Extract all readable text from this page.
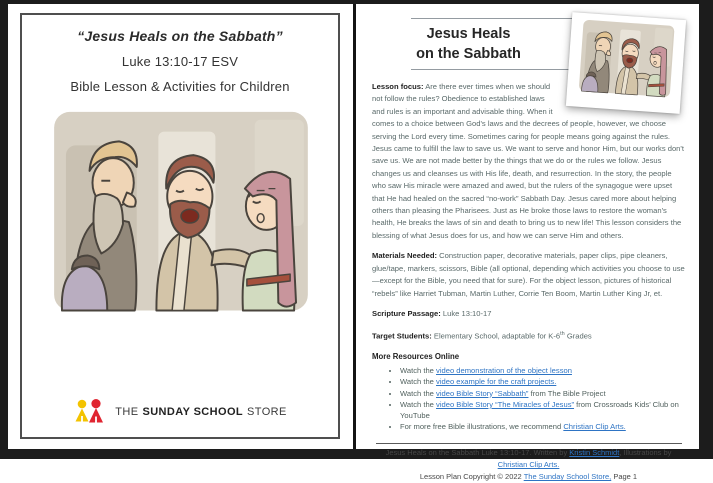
“Jesus Heals on the Sabbath”
Luke 13:10-17 ESV
Bible Lesson & Activities for Children
THE SUNDAY SCHOOL STORE
Jesus Heals
on the Sabbath

Lesson focus: Are there ever times when we should not follow the rules? Obedience to established laws and rules is an important and advisable thing. When it comes to a choice between God's laws and the decrees of people, however, we choose serving the Lord every time. Sometimes caring for people means going against the rules. Jesus came to fulfill the law to save us. We want to serve and honor Him, but our works don't save us. We are not made better by the things that we do or the rules we follow. Jesus changes us and cleanses us with His life, death, and resurrection. In the story, the people who saw His miracle were amazed and awed, but the rulers of the synagogue were upset that He had healed on the sacred “no-work” Sabbath Day. Jesus cared more about helping others than pleasing the Pharisees. Just as He broke those laws to restore the woman's health, He breaks the laws of sin and death to bring us to new life! This lesson considers the blessing of what Jesus does for us, and how we can serve Him and others.

Materials Needed: Construction paper, decorative materials, paper clips, pipe cleaners, glue/tape, markers, scissors, Bible (all optional, depending which activities you choose to use—except for the Bible, you need that for sure). For the object lesson, pictures of historical “rebels” like Harriet Tubman, Martin Luther, Corrie Ten Boom, Martin Luther King Jr, et.

Scripture Passage: Luke 13:10-17

Target Students: Elementary School, adaptable for K-6th Grades

More Resources Online
• Watch the video demonstration of the object lesson
• Watch the video example for the craft projects.
• Watch the video Bible Story “Sabbath” from The Bible Project
• Watch the video Bible Story “The Miracles of Jesus” from Crossroads Kids’ Club on YouTube
• For more free Bible illustrations, we recommend Christian Clip Arts.
Jesus Heals on the Sabbath Luke 13:10-17. Written by Kristin Schmidt, Illustrations by Christian Clip Arts.
Lesson Plan Copyright © 2022 The Sunday School Store, Page 1
